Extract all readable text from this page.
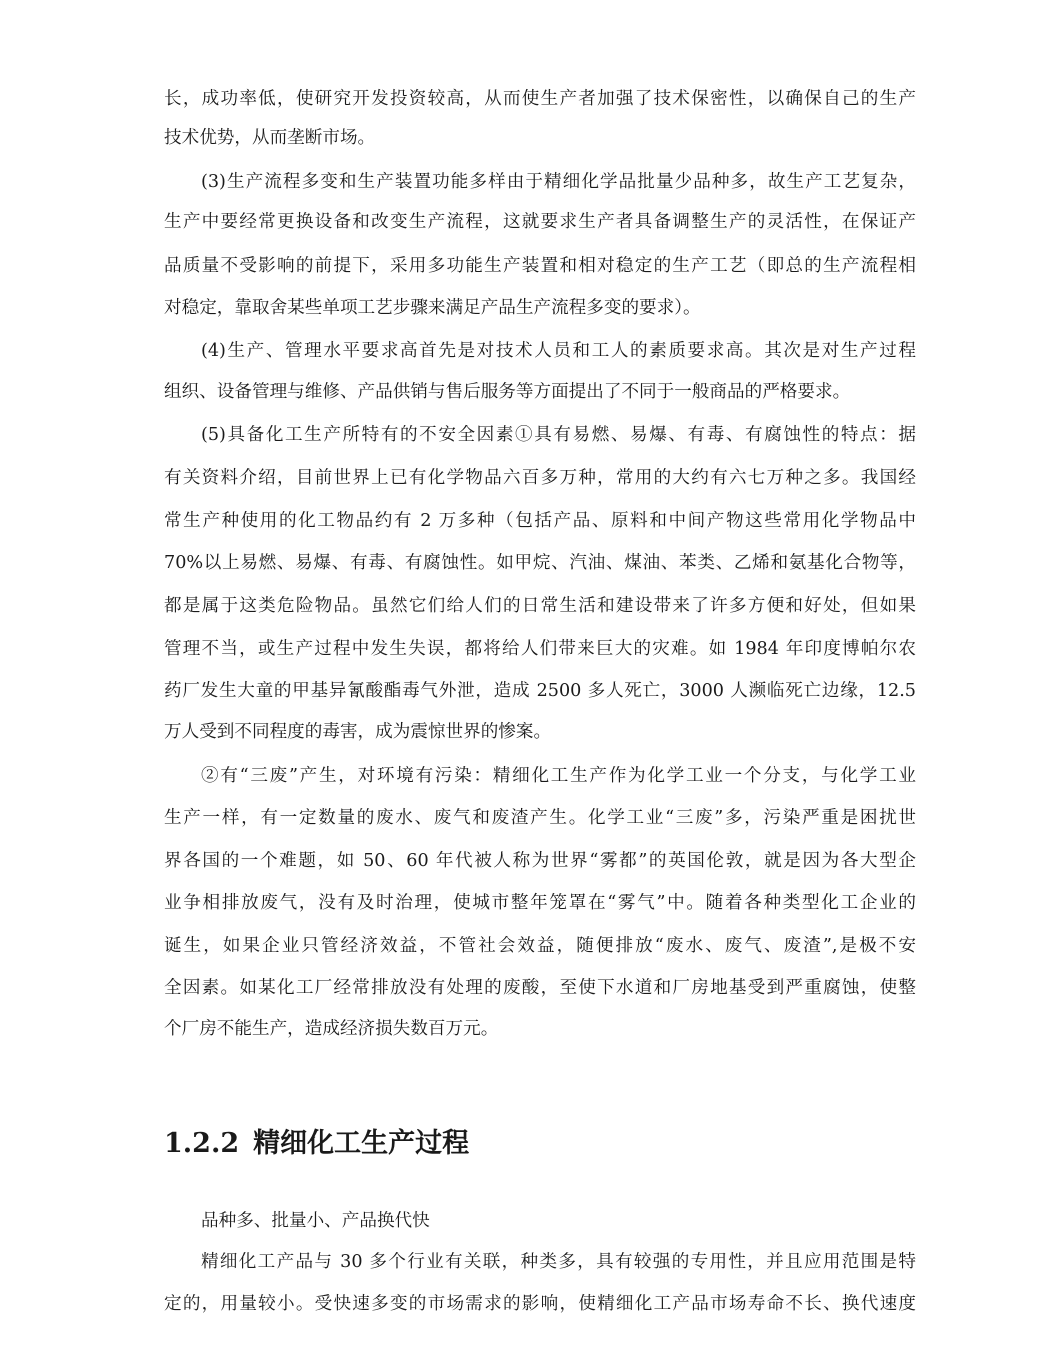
长，成功率低，使研究开发投资较高，从而使生产者加强了技术保密性，以确保自己的生产
技术优势，从而垄断市场。
(3)生产流程多变和生产装置功能多样由于精细化学品批量少品种多，故生产工艺复杂，
生产中要经常更换设备和改变生产流程，这就要求生产者具备调整生产的灵活性，在保证产
品质量不受影响的前提下，采用多功能生产装置和相对稳定的生产工艺（即总的生产流程相
对稳定，靠取舍某些单项工艺步骤来满足产品生产流程多变的要求）。
(4)生产、管理水平要求高首先是对技术人员和工人的素质要求高。其次是对生产过程
组织、设备管理与维修、产品供销与售后服务等方面提出了不同于一般商品的严格要求。
(5)具备化工生产所特有的不安全因素①具有易燃、易爆、有毒、有腐蚀性的特点：据
有关资料介绍，目前世界上已有化学物品六百多万种，常用的大约有六七万种之多。我国经
常生产种使用的化工物品约有 2 万多种（包括产品、原料和中间产物这些常用化学物品中
70%以上易燃、易爆、有毒、有腐蚀性。如甲烷、汽油、煤油、苯类、乙烯和氨基化合物等，
都是属于这类危险物品。虽然它们给人们的日常生活和建设带来了许多方便和好处，但如果
管理不当，或生产过程中发生失误，都将给人们带来巨大的灾难。如 1984 年印度博帕尔农
药厂发生大童的甲基异氰酸酯毒气外泄，造成 2500 多人死亡，3000 人濒临死亡边缘，12.5
万人受到不同程度的毒害，成为震惊世界的惨案。
②有“三废”产生，对环境有污染：精细化工生产作为化学工业一个分支，与化学工业
生产一样，有一定数量的废水、废气和废渣产生。化学工业“三废”多，污染严重是困扰世
界各国的一个难题，如 50、60 年代被人称为世界“雾都”的英国伦敦，就是因为各大型企
业争相排放废气，没有及时治理，使城市整年笼罩在“雾气”中。随着各种类型化工企业的
诞生，如果企业只管经济效益，不管社会效益，随便排放“废水、废气、废渣”,是极不安
全因素。如某化工厂经常排放没有处理的废酸，至使下水道和厂房地基受到严重腐蚀，使整
个厂房不能生产，造成经济损失数百万元。
1.2.2 精细化工生产过程
品种多、批量小、产品换代快
精细化工产品与 30 多个行业有关联，种类多，具有较强的专用性，并且应用范围是特
定的，用量较小。受快速多变的市场需求的影响，使精细化工产品市场寿命不长、换代速度
